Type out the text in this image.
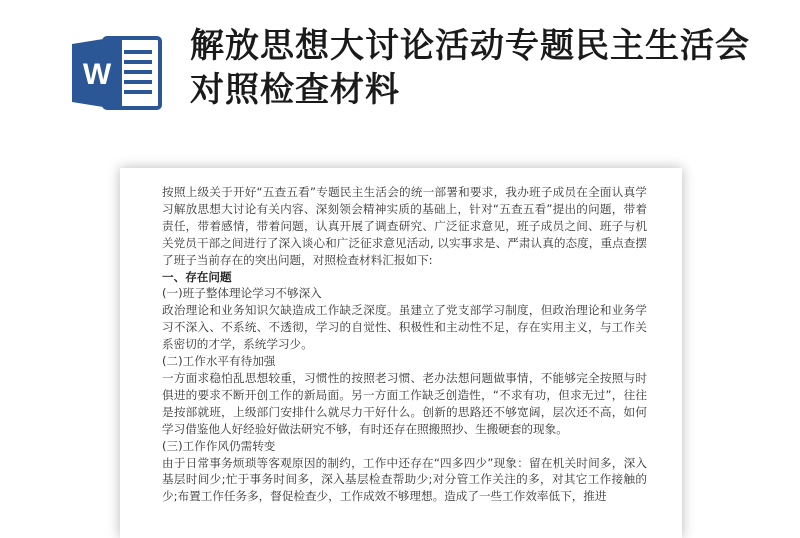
W
解放思想大讨论活动专题民主生活会对照检查材料

按照上级关于开好“五查五看”专题民主生活会的统一部署和要求，我办班子成员在全面认真学习解放思想大讨论有关内容、深刻领会精神实质的基础上，针对“五查五看”提出的问题，带着责任，带着感情，带着问题，认真开展了调查研究、广泛征求意见，班子成员之间、班子与机关党员干部之间进行了深入谈心和广泛征求意见活动, 以实事求是、严肃认真的态度，重点查摆了班子当前存在的突出问题，对照检查材料汇报如下:

一、存在问题

(一)班子整体理论学习不够深入

政治理论和业务知识欠缺造成工作缺乏深度。虽建立了党支部学习制度，但政治理论和业务学习不深入、不系统、不透彻，学习的自觉性、积极性和主动性不足，存在实用主义，与工作关系密切的才学，系统学习少。

(二)工作水平有待加强

一方面求稳怕乱思想较重，习惯性的按照老习惯、老办法想问题做事情，不能够完全按照与时俱进的要求不断开创工作的新局面。另一方面工作缺乏创造性，“不求有功，但求无过”，往往是按部就班，上级部门安排什么就尽力干好什么。创新的思路还不够宽阔，层次还不高，如何学习借鉴他人好经验好做法研究不够，有时还存在照搬照抄、生搬硬套的现象。

(三)工作作风仍需转变

由于日常事务烦琐等客观原因的制约，工作中还存在“四多四少”现象：留在机关时间多，深入基层时间少;忙于事务时间多，深入基层检查帮助少;对分管工作关注的多，对其它工作接触的少;布置工作任务多，督促检查少，工作成效不够理想。造成了一些工作效率低下，推进
